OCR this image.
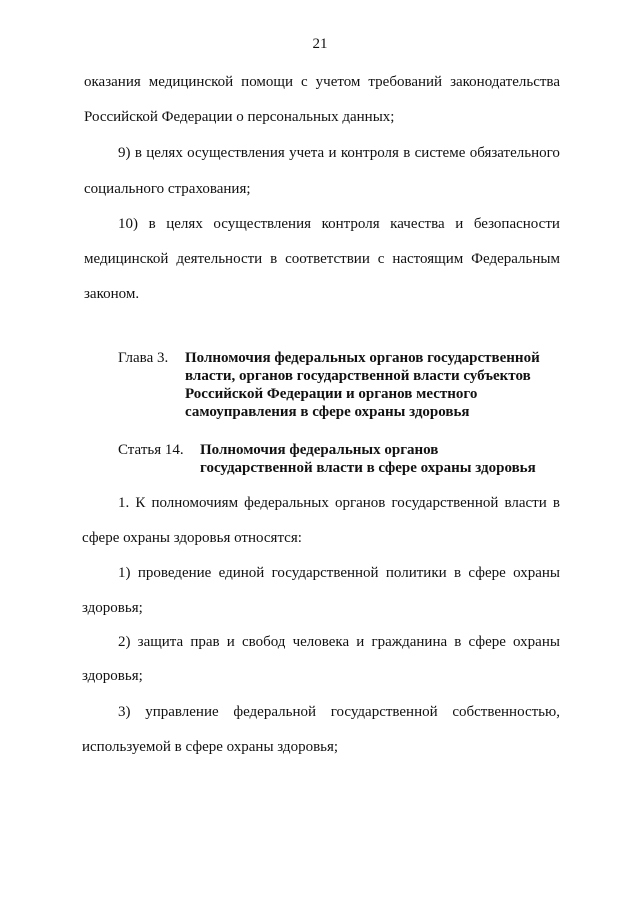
21
оказания медицинской помощи с учетом требований законодательства
Российской Федерации о персональных данных;
9) в целях осуществления учета и контроля в системе обязательного
социального страхования;
10) в целях осуществления контроля качества и безопасности
медицинской деятельности в соответствии с настоящим Федеральным
законом.
Глава 3. Полномочия федеральных органов государственной
власти, органов государственной власти субъектов
Российской Федерации и органов местного
самоуправления в сфере охраны здоровья
Статья 14. Полномочия федеральных органов
государственной власти в сфере охраны здоровья
1. К полномочиям федеральных органов государственной власти в
сфере охраны здоровья относятся:
1) проведение единой государственной политики в сфере охраны
здоровья;
2) защита прав и свобод человека и гражданина в сфере охраны
здоровья;
3) управление федеральной государственной собственностью,
используемой в сфере охраны здоровья;
